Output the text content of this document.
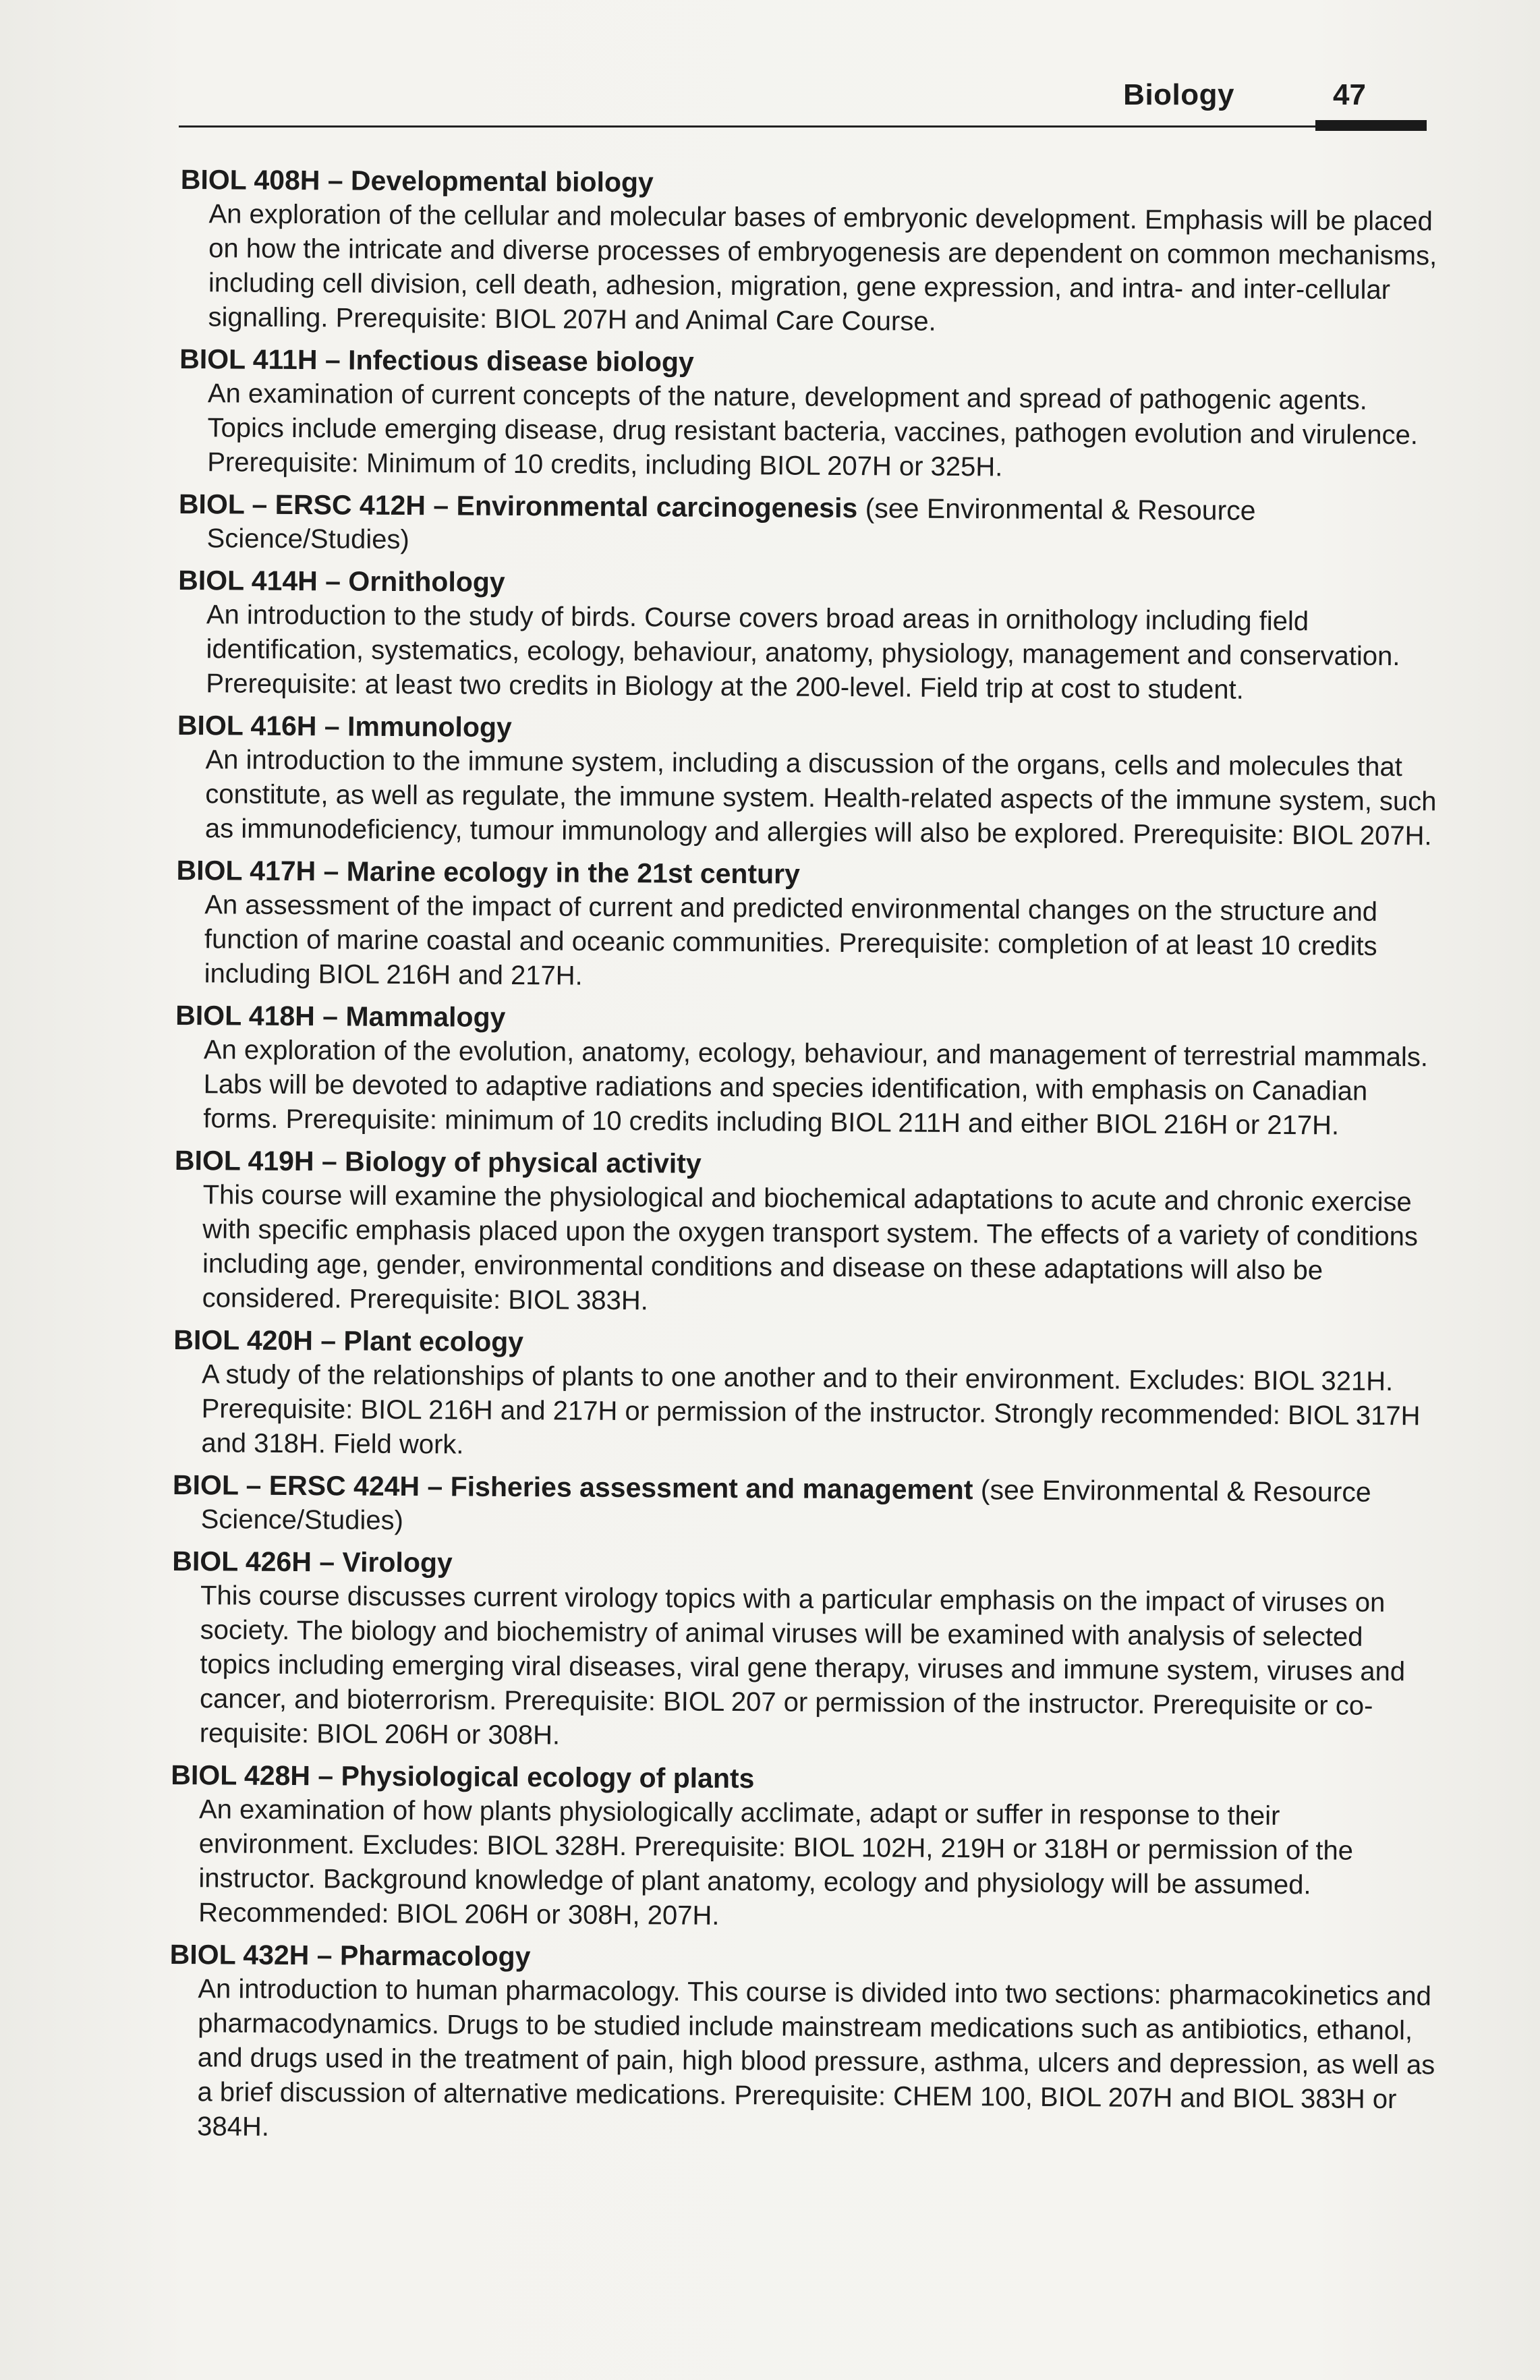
Biology	47
BIOL 408H – Developmental biology

An exploration of the cellular and molecular bases of embryonic development. Emphasis will be placed on how the intricate and diverse processes of embryogenesis are dependent on common mechanisms, including cell division, cell death, adhesion, migration, gene expression, and intra- and inter-cellular signalling. Prerequisite: BIOL 207H and Animal Care Course.

BIOL 411H – Infectious disease biology

An examination of current concepts of the nature, development and spread of pathogenic agents. Topics include emerging disease, drug resistant bacteria, vaccines, pathogen evolution and virulence. Prerequisite: Minimum of 10 credits, including BIOL 207H or 325H.

BIOL – ERSC 412H – Environmental carcinogenesis (see Environmental & Resource

Science/Studies)

BIOL 414H – Ornithology

An introduction to the study of birds. Course covers broad areas in ornithology including field identification, systematics, ecology, behaviour, anatomy, physiology, management and conservation. Prerequisite: at least two credits in Biology at the 200-level. Field trip at cost to student.

BIOL 416H – Immunology

An introduction to the immune system, including a discussion of the organs, cells and molecules that constitute, as well as regulate, the immune system. Health-related aspects of the immune system, such as immunodeficiency, tumour immunology and allergies will also be explored. Prerequisite: BIOL 207H.

BIOL 417H – Marine ecology in the 21st century

An assessment of the impact of current and predicted environmental changes on the structure and function of marine coastal and oceanic communities. Prerequisite: completion of at least 10 credits including BIOL 216H and 217H.

BIOL 418H – Mammalogy

An exploration of the evolution, anatomy, ecology, behaviour, and management of terrestrial mammals. Labs will be devoted to adaptive radiations and species identification, with emphasis on Canadian forms. Prerequisite: minimum of 10 credits including BIOL 211H and either BIOL 216H or 217H.

BIOL 419H – Biology of physical activity

This course will examine the physiological and biochemical adaptations to acute and chronic exercise with specific emphasis placed upon the oxygen transport system. The effects of a variety of conditions including age, gender, environmental conditions and disease on these adaptations will also be considered. Prerequisite: BIOL 383H.

BIOL 420H – Plant ecology

A study of the relationships of plants to one another and to their environment. Excludes: BIOL 321H. Prerequisite: BIOL 216H and 217H or permission of the instructor. Strongly recommended: BIOL 317H and 318H. Field work.

BIOL – ERSC 424H – Fisheries assessment and management (see Environmental & Resource

Science/Studies)

BIOL 426H – Virology

This course discusses current virology topics with a particular emphasis on the impact of viruses on society. The biology and biochemistry of animal viruses will be examined with analysis of selected topics including emerging viral diseases, viral gene therapy, viruses and immune system, viruses and cancer, and bioterrorism. Prerequisite: BIOL 207 or permission of the instructor. Prerequisite or co-requisite: BIOL 206H or 308H.

BIOL 428H – Physiological ecology of plants

An examination of how plants physiologically acclimate, adapt or suffer in response to their environment. Excludes: BIOL 328H. Prerequisite: BIOL 102H, 219H or 318H or permission of the instructor. Background knowledge of plant anatomy, ecology and physiology will be assumed. Recommended: BIOL 206H or 308H, 207H.

BIOL 432H – Pharmacology

An introduction to human pharmacology. This course is divided into two sections: pharmacokinetics and pharmacodynamics. Drugs to be studied include mainstream medications such as antibiotics, ethanol, and drugs used in the treatment of pain, high blood pressure, asthma, ulcers and depression, as well as a brief discussion of alternative medications. Prerequisite: CHEM 100, BIOL 207H and BIOL 383H or 384H.
